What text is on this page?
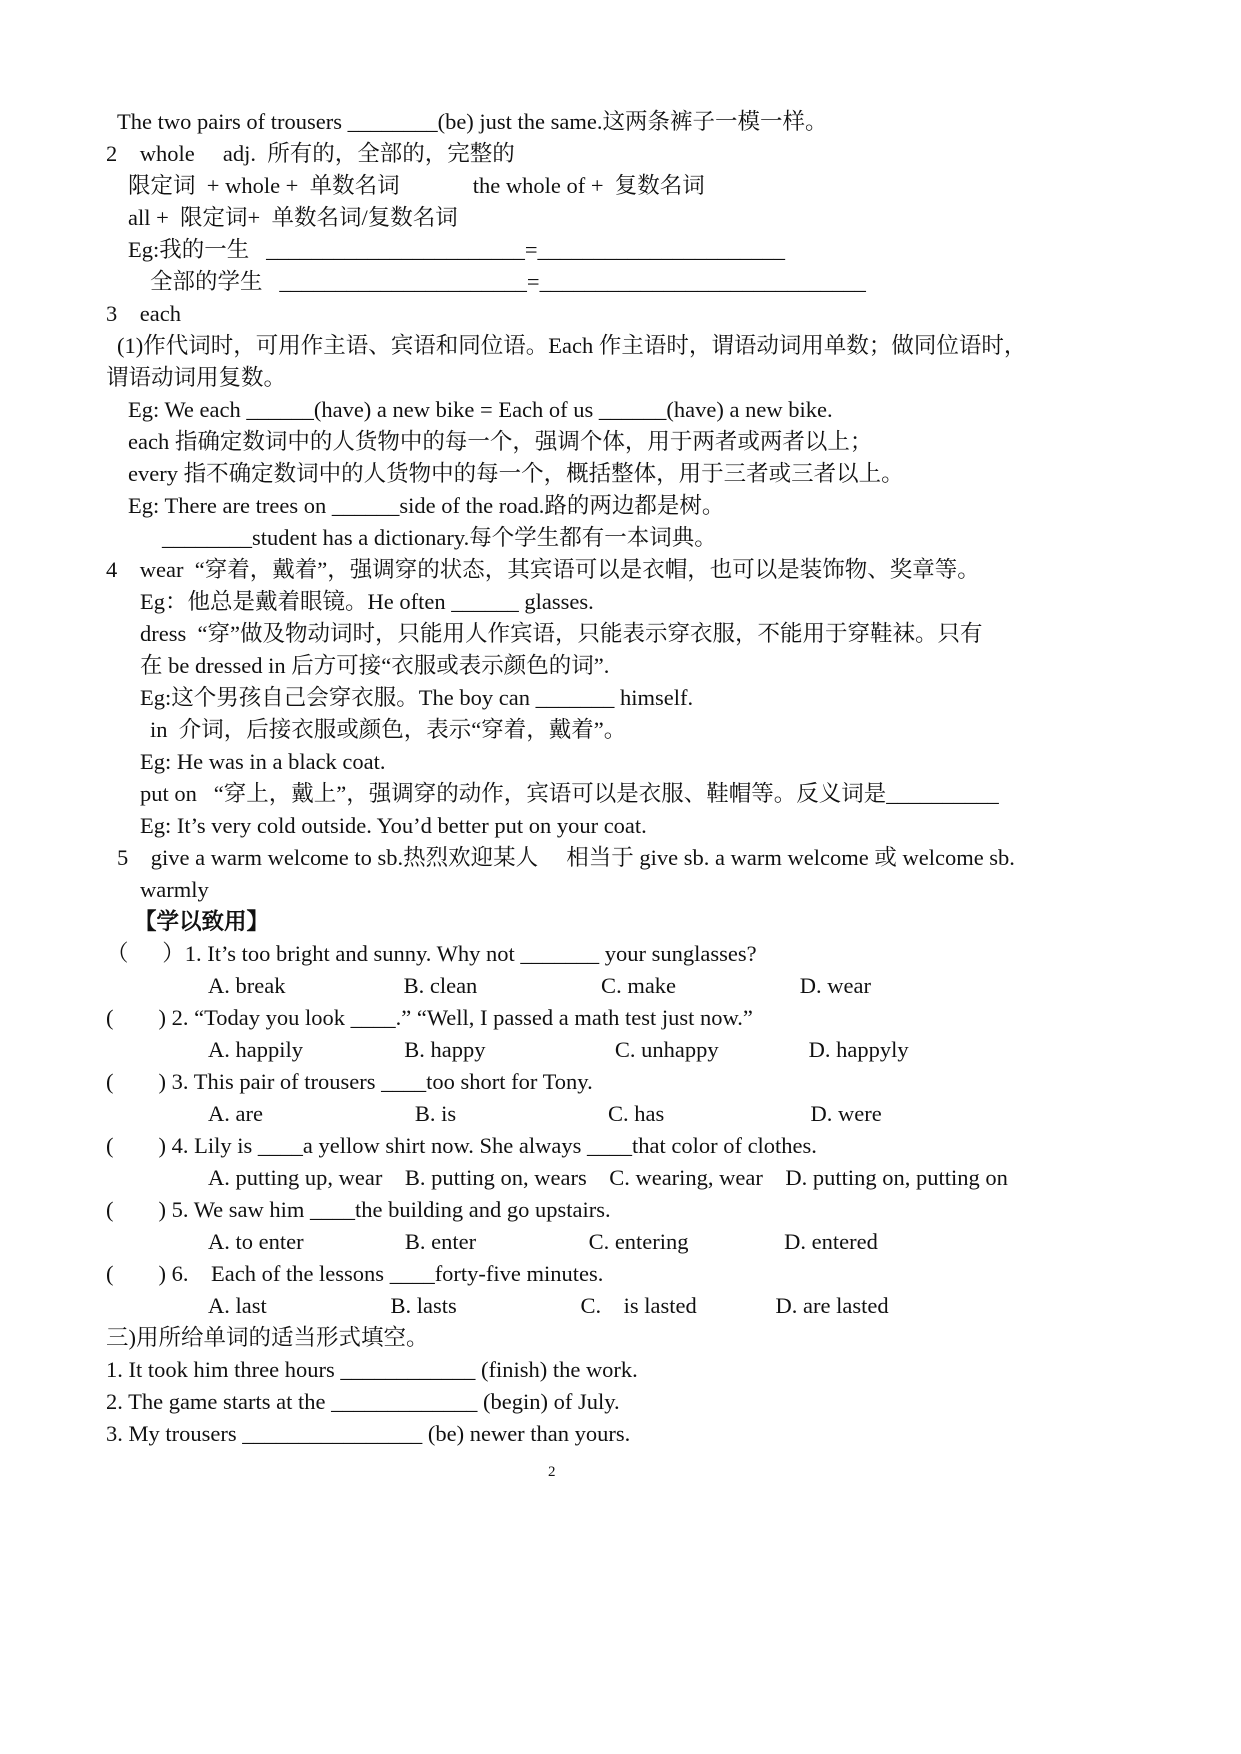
The two pairs of trousers ________(be) just the same.这两条裤子一模一样。
2    whole     adj.  所有的，全部的，完整的
限定词  + whole +  单数名词             the whole of +  复数名词
all +  限定词+  单数名词/复数名词
Eg:我的一生   _______________________=______________________
全部的学生   ______________________=_____________________________
3    each
(1)作代词时，可用作主语、宾语和同位语。Each 作主语时，谓语动词用单数；做同位语时，
谓语动词用复数。
Eg: We each ______(have) a new bike = Each of us ______(have) a new bike.
each 指确定数词中的人货物中的每一个，强调个体，用于两者或两者以上；
every 指不确定数词中的人货物中的每一个，概括整体，用于三者或三者以上。
Eg: There are trees on ______side of the road.路的两边都是树。
________student has a dictionary.每个学生都有一本词典。
4    wear  “穿着，戴着”，强调穿的状态，其宾语可以是衣帽，也可以是装饰物、奖章等。
Eg：他总是戴着眼镜。He often ______ glasses.
dress  “穿”做及物动词时，只能用人作宾语，只能表示穿衣服，不能用于穿鞋袜。只有
在 be dressed in 后方可接“衣服或表示颜色的词”.
Eg:这个男孩自己会穿衣服。The boy can _______ himself.
in  介词，后接衣服或颜色，表示“穿着，戴着”。
Eg: He was in a black coat.
put on   “穿上，戴上”，强调穿的动作，宾语可以是衣服、鞋帽等。反义词是__________
Eg: It’s very cold outside. You’d better put on your coat.
5    give a warm welcome to sb.热烈欢迎某人     相当于 give sb. a warm welcome 或 welcome sb.
warmly
【学以致用】
（      ）1. It’s too bright and sunny. Why not _______ your sunglasses?
A. break                     B. clean                      C. make                      D. wear
(        ) 2. “Today you look ____.” “Well, I passed a math test just now.”
A. happily                  B. happy                       C. unhappy                D. happyly
(        ) 3. This pair of trousers ____too short for Tony.
A. are                           B. is                           C. has                          D. were
(        ) 4. Lily is ____a yellow shirt now. She always ____that color of clothes.
A. putting up, wear    B. putting on, wears    C. wearing, wear    D. putting on, putting on
(        ) 5. We saw him ____the building and go upstairs.
A. to enter                  B. enter                    C. entering                 D. entered
(        ) 6.    Each of the lessons ____forty-five minutes.
A. last                      B. lasts                      C.    is lasted              D. are lasted
三)用所给单词的适当形式填空。
1. It took him three hours ____________ (finish) the work.
2. The game starts at the _____________ (begin) of July.
3. My trousers ________________ (be) newer than yours.
2
